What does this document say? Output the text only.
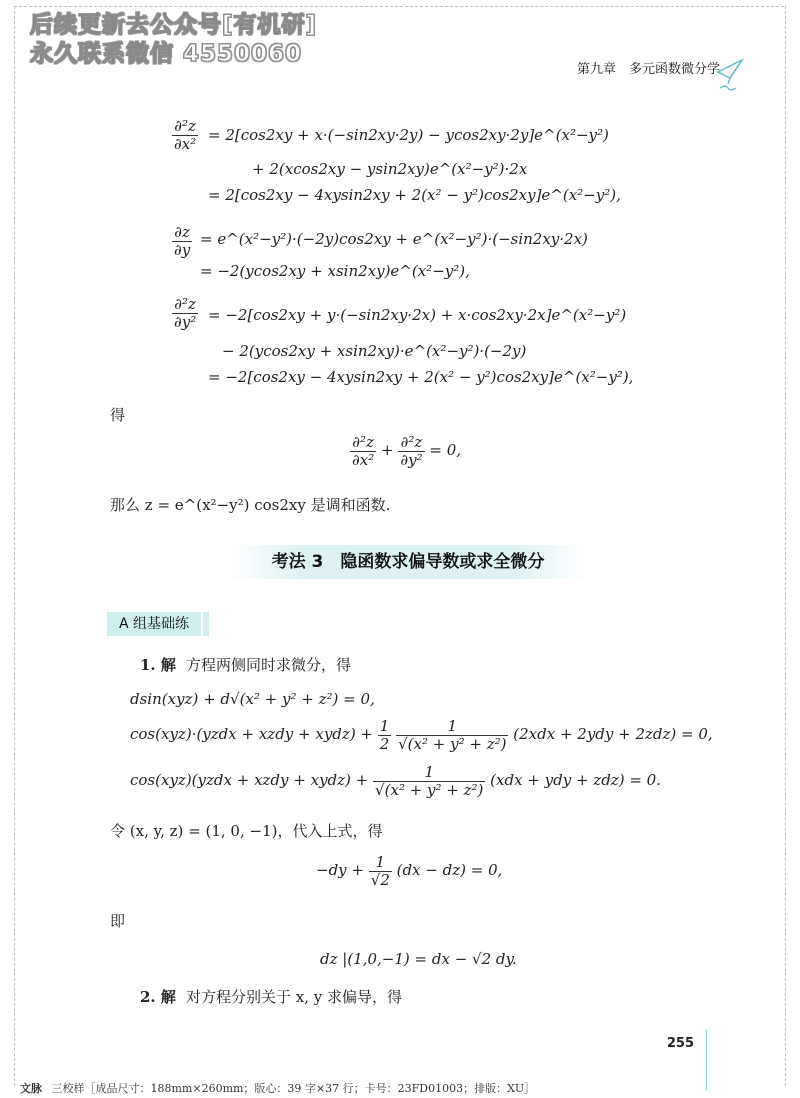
后续更新去公众号[有机研]
永久联系微信 4550060
第九章　多元函数微分学
$\frac{\text{∂²z}}{\text{∂x²}} = 2[\cos 2xy + x\cdot(-\sin 2xy\cdot 2y)$ − ycos2xy·2y]e^(x²−y²)
+ 2(xcos2xy − ysin2xy)e^(x²−y²)·2x
= 2[cos2xy − 4xysin2xy + 2(x² − y²)cos2xy]e^(x²−y²),
$\frac{\partial z}{\partial y}$ = e^(x²−y²)·(−2y)cos2xy + e^(x²−y²)·(−sin2xy·2x)
= −2(ycos2xy + xsin2xy)e^(x²−y²),
$\frac{\text{∂²z}}{\text{∂y²}} = -2[\cos 2xy + y\cdot(-\sin 2xy\cdot 2x)$ + x·cos2xy·2x]e^(x²−y²)
− 2(ycos2xy + xsin2xy)·e^(x²−y²)·(−2y)
= −2[cos2xy − 4xysin2xy + 2(x² − y²)cos2xy]e^(x²−y²),
得
$\frac{\text{∂²z}}{\text{∂x²}} + \frac{\text{∂²z}}{\text{∂y²}} = 0$,
那么 z = e^(x²−y²) cos2xy 是调和函数.
考法 3　隐函数求偏导数或求全微分
A 组基础练
1. 解 方程两侧同时求微分，得
dsin(xyz) + d√(x² + y² + z²) = 0,
cos(xyz)·(yzdx + xzdy + xydz) + $\frac{1}{2}$
$\frac{1}{\text{√(x² + y² + z²)}} (2xdx + 2ydy + 2zdz) = 0$,
cos(xyz)(yzdx + xzdy + xydz) + $\frac{1}{\text{√(x² + y² + z²)}} (xdx$ + ydy + zdz) = 0.
令 (x, y, z) = (1, 0, −1)，代入上式，得
$-dy + \frac{1}{√2} (dx - dz) = 0$,
即
dz |(1,0,−1) = dx − √2 dy.
2. 解 对方程分别关于 x, y 求偏导，得
255
文脉 三校样［成品尺寸：188mm×260mm；版心：39 字×37 行；卡号：23FD01003；排版：XU］
